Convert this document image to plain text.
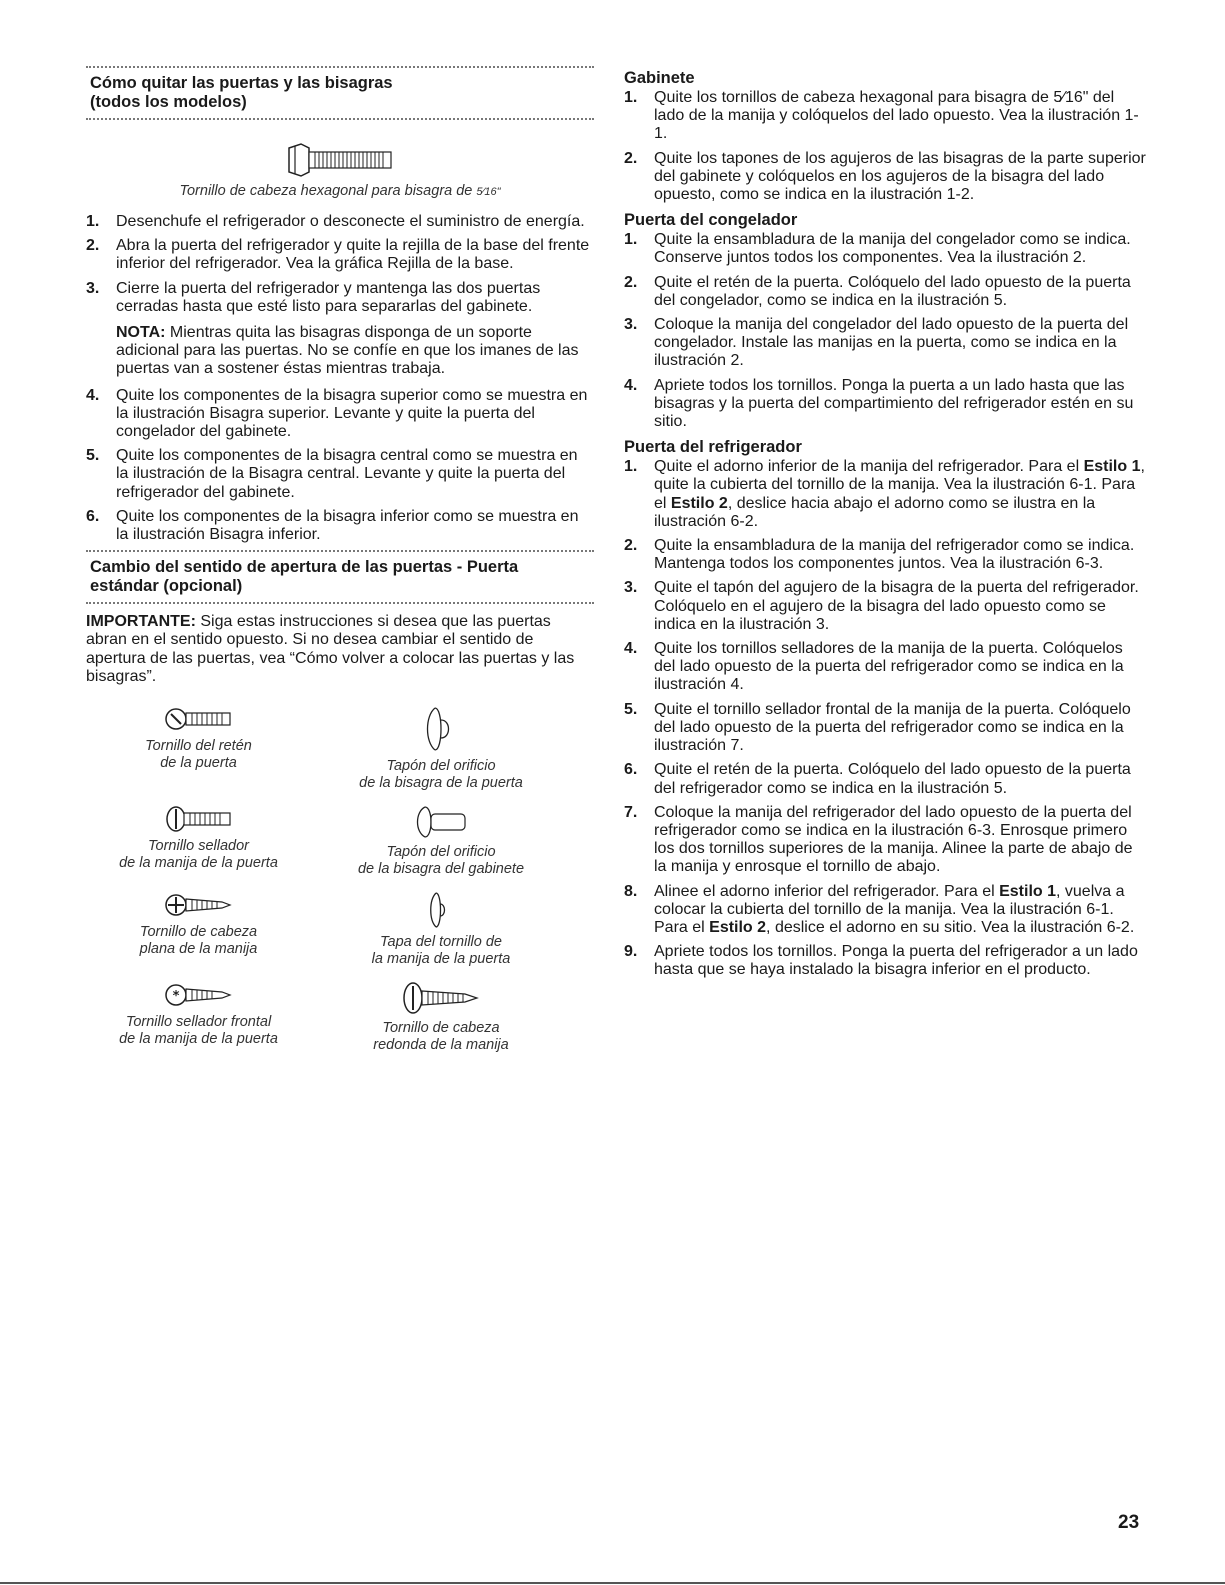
Cómo quitar las puertas y las bisagras
(todos los modelos)
Tornillo de cabeza hexagonal para bisagra de 5⁄16"
1. Desenchufe el refrigerador o desconecte el suministro de energía.
2. Abra la puerta del refrigerador y quite la rejilla de la base del frente inferior del refrigerador. Vea la gráfica Rejilla de la base.
3. Cierre la puerta del refrigerador y mantenga las dos puertas cerradas hasta que esté listo para separarlas del gabinete.

NOTA: Mientras quita las bisagras disponga de un soporte adicional para las puertas. No se confíe en que los imanes de las puertas van a sostener éstas mientras trabaja.

4. Quite los componentes de la bisagra superior como se muestra en la ilustración Bisagra superior. Levante y quite la puerta del congelador del gabinete.
5. Quite los componentes de la bisagra central como se muestra en la ilustración de la Bisagra central. Levante y quite la puerta del refrigerador del gabinete.
6. Quite los componentes de la bisagra inferior como se muestra en la ilustración Bisagra inferior.
Cambio del sentido de apertura de las puertas - Puerta
estándar (opcional)

IMPORTANTE: Siga estas instrucciones si desea que las puertas abran en el sentido opuesto. Si no desea cambiar el sentido de apertura de las puertas, vea “Cómo volver a colocar las puertas y las bisagras”.

Tornillo del retén
de la puerta	Tapón del orificio
de la bisagra de la puerta
Tornillo sellador
de la manija de la puerta
Tapón del orificio
de la bisagra del gabinete
Tornillo de cabeza
plana de la manija	Tapa del tornillo de
la manija de la puerta
*
Tornillo sellador frontal
de la manija de la puerta
Tornillo de cabeza
redonda de la manija
Gabinete
1. Quite los tornillos de cabeza hexagonal para bisagra de 5⁄16" del lado de la manija y colóquelos del lado opuesto. Vea la ilustración 1-1.
2. Quite los tapones de los agujeros de las bisagras de la parte superior del gabinete y colóquelos en los agujeros de la bisagra del lado opuesto, como se indica en la ilustración 1-2.
Puerta del congelador
1. Quite la ensambladura de la manija del congelador como se indica. Conserve juntos todos los componentes. Vea la ilustración 2.
2. Quite el retén de la puerta. Colóquelo del lado opuesto de la puerta del congelador, como se indica en la ilustración 5.
3. Coloque la manija del congelador del lado opuesto de la puerta del congelador. Instale las manijas en la puerta, como se indica en la ilustración 2.
4. Apriete todos los tornillos. Ponga la puerta a un lado hasta que las bisagras y la puerta del compartimiento del refrigerador estén en su sitio.
Puerta del refrigerador
1. Quite el adorno inferior de la manija del refrigerador. Para el Estilo 1, quite la cubierta del tornillo de la manija. Vea la ilustración 6-1. Para el Estilo 2, deslice hacia abajo el adorno como se ilustra en la ilustración 6-2.
2. Quite la ensambladura de la manija del refrigerador como se indica. Mantenga todos los componentes juntos. Vea la ilustración 6-3.
3. Quite el tapón del agujero de la bisagra de la puerta del refrigerador. Colóquelo en el agujero de la bisagra del lado opuesto como se indica en la ilustración 3.
4. Quite los tornillos selladores de la manija de la puerta. Colóquelos del lado opuesto de la puerta del refrigerador como se indica en la ilustración 4.
5. Quite el tornillo sellador frontal de la manija de la puerta. Colóquelo del lado opuesto de la puerta del refrigerador como se indica en la ilustración 7.
6. Quite el retén de la puerta. Colóquelo del lado opuesto de la puerta del refrigerador como se indica en la ilustración 5.
7. Coloque la manija del refrigerador del lado opuesto de la puerta del refrigerador como se indica en la ilustración 6-3. Enrosque primero los dos tornillos superiores de la manija. Alinee la parte de abajo de la manija y enrosque el tornillo de abajo.
8. Alinee el adorno inferior del refrigerador. Para el Estilo 1, vuelva a colocar la cubierta del tornillo de la manija. Vea la ilustración 6-1. Para el Estilo 2, deslice el adorno en su sitio. Vea la ilustración 6-2.
9. Apriete todos los tornillos. Ponga la puerta del refrigerador a un lado hasta que se haya instalado la bisagra inferior en el producto.
23
